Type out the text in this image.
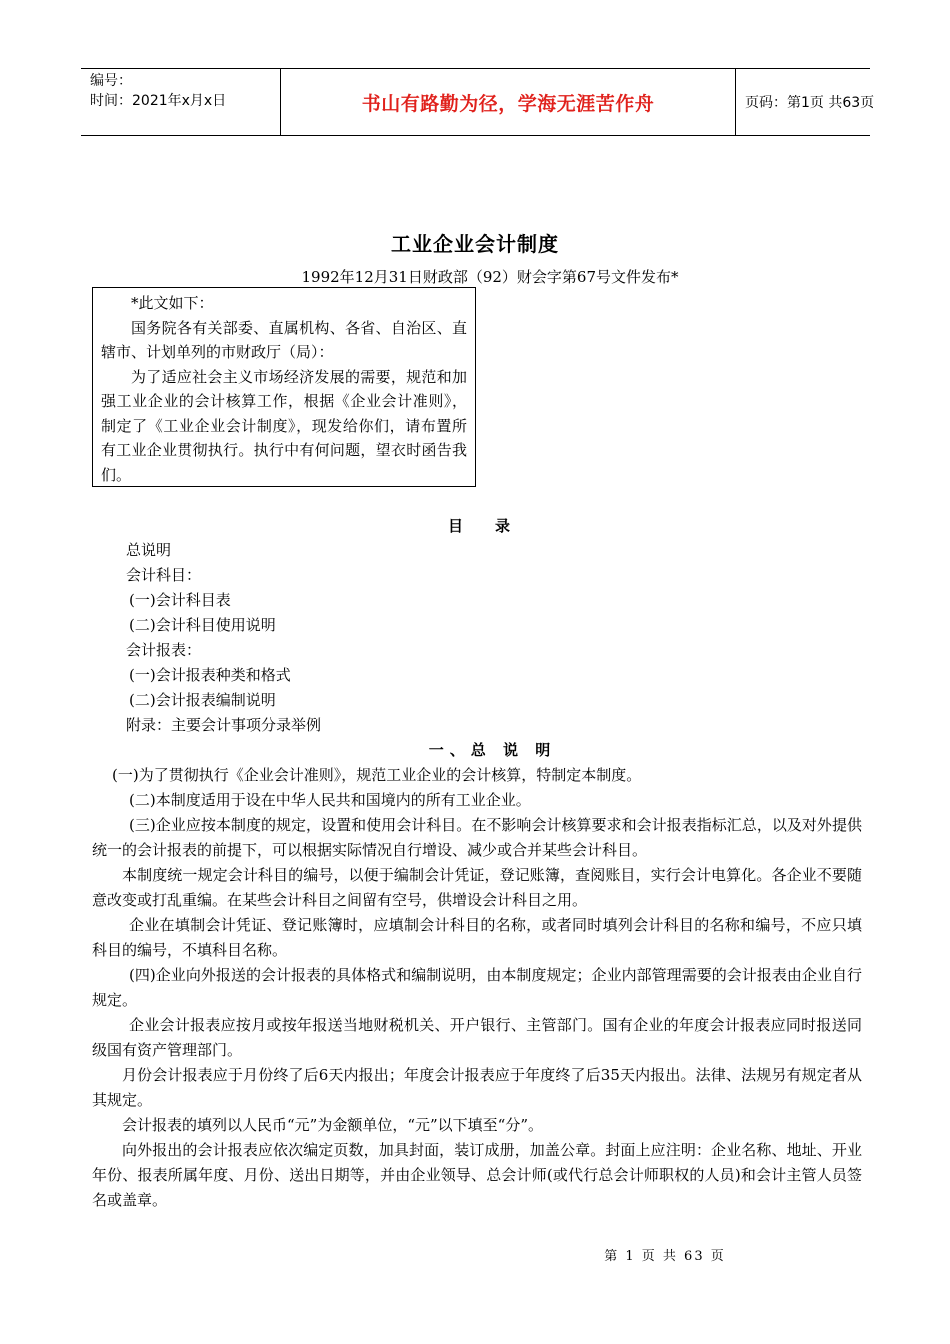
编号：
时间：2021年x月x日	书山有路勤为径，学海无涯苦作舟	页码：第1页 共63页
工业企业会计制度
1992年12月31日财政部（92）财会字第67号文件发布*

*此文如下：

国务院各有关部委、直属机构、各省、自治区、直辖市、计划单列的市财政厅（局）：

为了适应社会主义市场经济发展的需要，规范和加强工业企业的会计核算工作，根据《企业会计准则》，制定了《工业企业会计制度》，现发给你们，请布置所有工业企业贯彻执行。执行中有何问题，望衣时函告我们。

目录
总说明
会计科目：
(一)会计科目表
(二)会计科目使用说明
会计报表：
(一)会计报表种类和格式
(二)会计报表编制说明
附录：主要会计事项分录举例
一、总 说 明

(一)为了贯彻执行《企业会计准则》，规范工业企业的会计核算，特制定本制度。

(二)本制度适用于设在中华人民共和国境内的所有工业企业。

(三)企业应按本制度的规定，设置和使用会计科目。在不影响会计核算要求和会计报表指标汇总，以及对外提供统一的会计报表的前提下，可以根据实际情况自行增设、减少或合并某些会计科目。

本制度统一规定会计科目的编号，以便于编制会计凭证，登记账簿，查阅账目，实行会计电算化。各企业不要随意改变或打乱重编。在某些会计科目之间留有空号，供增设会计科目之用。

企业在填制会计凭证、登记账簿时，应填制会计科目的名称，或者同时填列会计科目的名称和编号，不应只填科目的编号，不填科目名称。

(四)企业向外报送的会计报表的具体格式和编制说明，由本制度规定；企业内部管理需要的会计报表由企业自行规定。

企业会计报表应按月或按年报送当地财税机关、开户银行、主管部门。国有企业的年度会计报表应同时报送同级国有资产管理部门。

月份会计报表应于月份终了后6天内报出；年度会计报表应于年度终了后35天内报出。法律、法规另有规定者从其规定。

会计报表的填列以人民币“元”为金额单位，“元”以下填至“分”。

向外报出的会计报表应依次编定页数，加具封面，装订成册，加盖公章。封面上应注明：企业名称、地址、开业年份、报表所属年度、月份、送出日期等，并由企业领导、总会计师(或代行总会计师职权的人员)和会计主管人员签名或盖章。

第 1 页 共 63 页
